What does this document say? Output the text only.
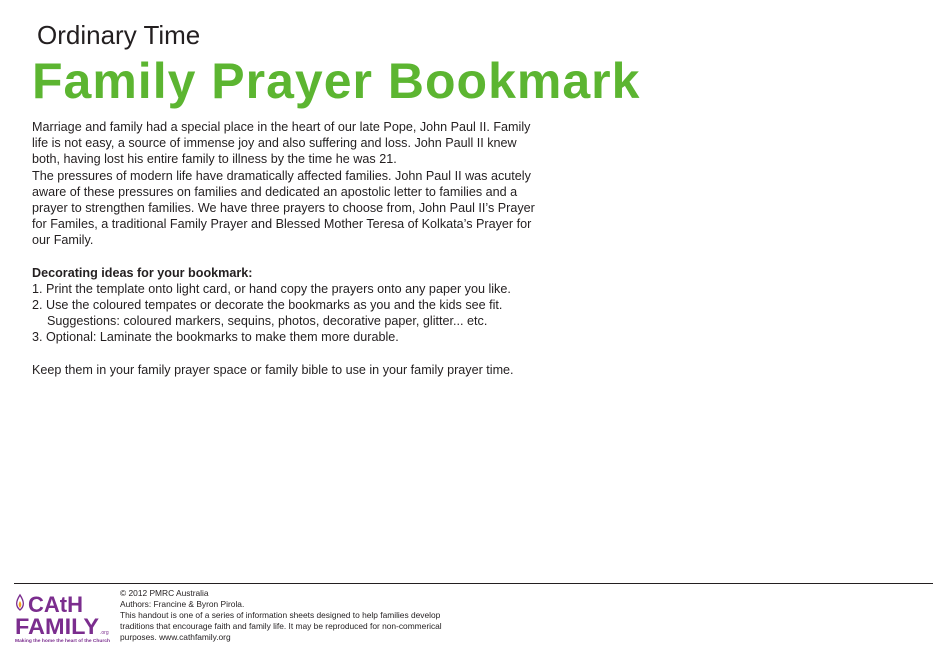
Ordinary Time
Family Prayer Bookmark

Marriage and family had a special place in the heart of our late Pope, John Paul II. Family
life is not easy, a source of immense joy and also suffering and loss. John Paull II knew
both, having lost his entire family to illness by the time he was 21.
The pressures of modern life have dramatically affected families. John Paul II was acutely
aware of these pressures on families and dedicated an apostolic letter to families and a
prayer to strengthen families. We have three prayers to choose from, John Paul II’s Prayer
for Familes, a traditional Family Prayer and Blessed Mother Teresa of Kolkata’s Prayer for
our Family.

Decorating ideas for your bookmark:

1. Print the template onto light card, or hand copy the prayers onto any paper you like.
2. Use the coloured tempates or decorate the bookmarks as you and the kids see fit.
Suggestions: coloured markers, sequins, photos, decorative paper, glitter... etc.
3. Optional: Laminate the bookmarks to make them more durable.

Keep them in your family prayer space or family bible to use in your family prayer time.

CAtH
FAMILY .org
Making the home the heart of the Church
© 2012 PMRC Australia
Authors: Francine & Byron Pirola.
This handout is one of a series of information sheets designed to help families develop
traditions that encourage faith and family life. It may be reproduced for non-commerical
purposes. www.cathfamily.org
